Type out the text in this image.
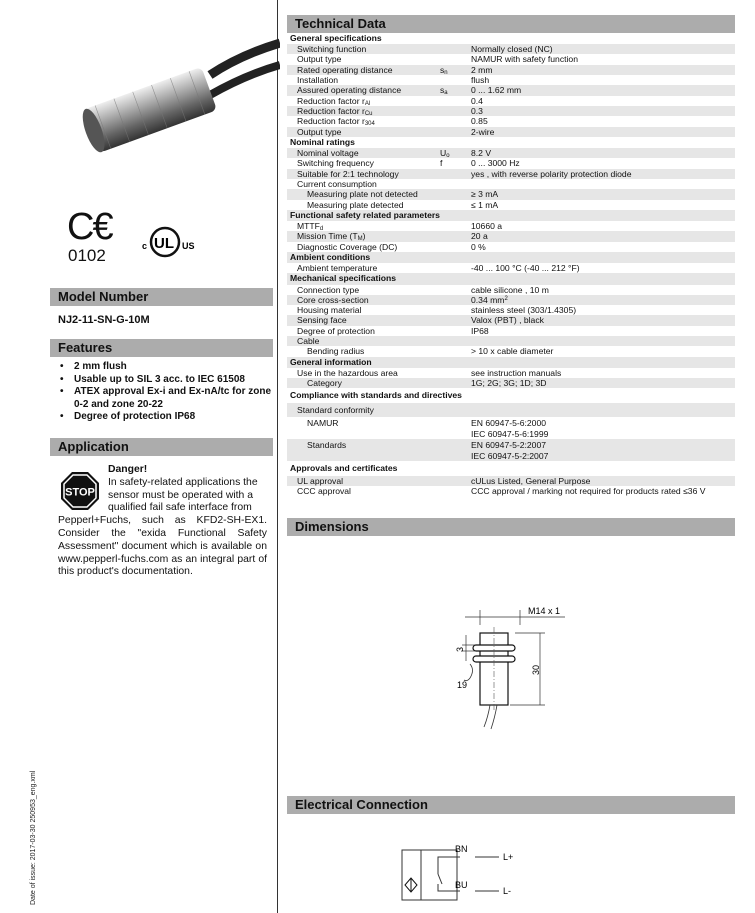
C​€
0102	c UL US
Model Number
NJ2-11-SN-G-10M
Features
• 2 mm flush
• Usable up to SIL 3 acc. to IEC 61508
• ATEX approval Ex-i and Ex-nA/tc for zone 0-2 and zone 20-22
• Degree of protection IP68
Application
STOP
Danger!
In safety-related applications the
sensor must be operated with a
qualified fail safe interface from
Pepperl+Fuchs, such as KFD2-SH-EX1. Consider the "exida Functional Safety Assessment" document which is available on www.pepperl-fuchs.com as an integral part of this product's documentation.
Date of issue: 2017-03-30 250953_eng.xml
Technical Data
General specifications
Switching function	Normally closed (NC)
Output type	NAMUR with safety function
Rated operating distance	$s_n$	2 mm
Installation	flush
Assured operating distance	$s_a$	0 ... 1.62 mm
Reduction factor $r_{Al}$	0.4
Reduction factor $r_{Cu}$	0.3
Reduction factor $r_{304}$	0.85
Output type	2-wire
Nominal ratings
Nominal voltage	$U_o$ 8.2 V
Switching frequency	f	0 ... 3000 Hz
Suitable for 2:1 technology	yes , with reverse polarity protection diode
Current consumption
Measuring plate not detected	≥ 3 mA
Measuring plate detected	≤ 1 mA
Functional safety related parameters
$MTTF_d$	10660 a
Mission Time $(T_M)$	20 a
Diagnostic Coverage (DC)	0 %
Ambient conditions
Ambient temperature	-40 ... 100 °C (-40 ... 212 °F)
Mechanical specifications
Connection type	cable silicone , 10 m
Core cross-section	0.34 $mm^2$
Housing material	stainless steel (303/1.4305)
Sensing face	Valox (PBT) , black
Degree of protection	IP68
Cable
Bending radius	> 10 x cable diameter
General information
Use in the hazardous area	see instruction manuals
Category	1G; 2G; 3G; 1D; 3D
Compliance with standards and directives
Standard conformity
NAMUR	EN 60947-5-6:2000
IEC 60947-5-6:1999
Standards	EN 60947-5-2:2007
IEC 60947-5-2:2007
Approvals and certificates
UL approval	cULus Listed, General Purpose
CCC approval	CCC approval / marking not required for products rated ≤36 V
Dimensions
M14 x 1
3
19
30
Electrical Connection
BN
BU
L+
L-
